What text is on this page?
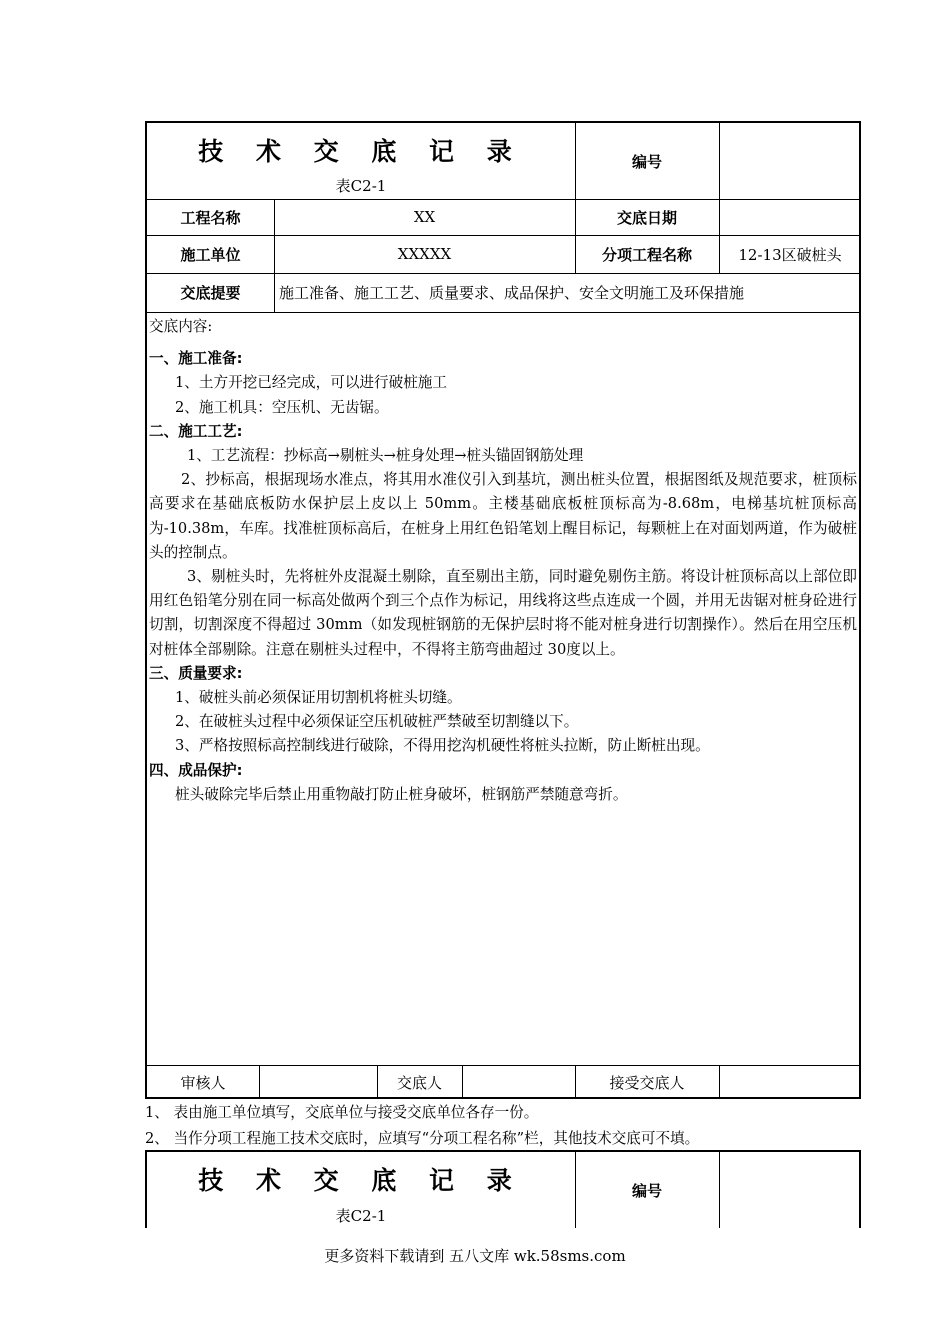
技 术 交 底 记 录
表C2-1
编号
工程名称	XX	交底日期
施工单位	XXXXX	分项工程名称	12-13区破桩头
交底提要	施工准备、施工工艺、质量要求、成品保护、安全文明施工及环保措施

交底内容:

一、施工准备:

1、土方开挖已经完成，可以进行破桩施工

2、施工机具：空压机、无齿锯。

二、施工工艺:

1、工艺流程：抄标高→剔桩头→桩身处理→桩头锚固钢筋处理

2、抄标高，根据现场水准点，将其用水准仪引入到基坑，测出桩头位置，根据图纸及规范要求，桩顶标高要求在基础底板防水保护层上皮以上 50mm。主楼基础底板桩顶标高为-8.68m，电梯基坑桩顶标高为-10.38m，车库。找准桩顶标高后，在桩身上用红色铅笔划上醒目标记，每颗桩上在对面划两道，作为破桩头的控制点。

3、剔桩头时，先将桩外皮混凝土剔除，直至剔出主筋，同时避免剔伤主筋。将设计桩顶标高以上部位即用红色铅笔分别在同一标高处做两个到三个点作为标记，用线将这些点连成一个圆，并用无齿锯对桩身砼进行切割，切割深度不得超过 30mm（如发现桩钢筋的无保护层时将不能对桩身进行切割操作）。然后在用空压机对桩体全部剔除。注意在剔桩头过程中，不得将主筋弯曲超过 30度以上。

三、质量要求:

1、破桩头前必须保证用切割机将桩头切缝。

2、在破桩头过程中必须保证空压机破桩严禁破至切割缝以下。

3、严格按照标高控制线进行破除，不得用挖沟机硬性将桩头拉断，防止断桩出现。

四、成品保护:

桩头破除完毕后禁止用重物敲打防止桩身破坏，桩钢筋严禁随意弯折。

审核人	交底人	接受交底人
1、 表由施工单位填写，交底单位与接受交底单位各存一份。
2、 当作分项工程施工技术交底时，应填写“分项工程名称”栏，其他技术交底可不填。
技 术 交 底 记 录
表C2-1
编号
更多资料下载请到 五八文库 wk.58sms.com
